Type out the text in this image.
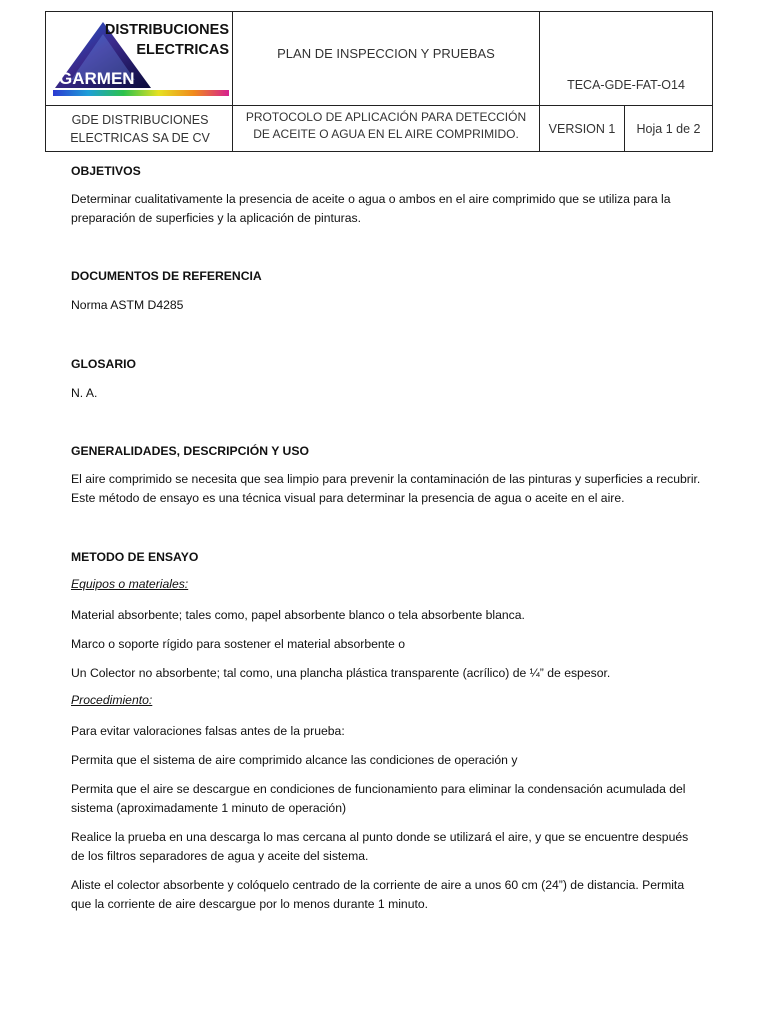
DISTRIBUCIONES
ELECTRICAS
GARMEN
PLAN DE INSPECCION Y PRUEBAS
TECA-GDE-FAT-O14
GDE DISTRIBUCIONES ELECTRICAS SA DE CV
PROTOCOLO DE APLICACIÓN PARA DETECCIÓN DE ACEITE O AGUA EN EL AIRE COMPRIMIDO.	VERSION 1	Hoja 1 de 2

OBJETIVOS

Determinar cualitativamente la presencia de aceite o agua o ambos en el aire comprimido que se utiliza para la preparación de superficies y la aplicación de pinturas.

DOCUMENTOS DE REFERENCIA

Norma ASTM D4285

GLOSARIO

N. A.

GENERALIDADES, DESCRIPCIÓN Y USO

El aire comprimido se necesita que sea limpio para prevenir la contaminación de las pinturas y superficies a recubrir. Este método de ensayo es una técnica visual para determinar la presencia de agua o aceite en el aire.

METODO DE ENSAYO

Equipos o materiales:

Material absorbente; tales como, papel absorbente blanco o tela absorbente blanca.

Marco o soporte rígido para sostener el material absorbente o

Un Colector no absorbente; tal como, una plancha plástica transparente (acrílico) de ¼” de espesor.

Procedimiento:

Para evitar valoraciones falsas antes de la prueba:

Permita que el sistema de aire comprimido alcance las condiciones de operación y

Permita que el aire se descargue en condiciones de funcionamiento para eliminar la condensación acumulada del sistema (aproximadamente 1 minuto de operación)

Realice la prueba en una descarga lo mas cercana al punto donde se utilizará el aire, y que se encuentre después de los filtros separadores de agua y aceite del sistema.

Aliste el colector absorbente y colóquelo centrado de la corriente de aire a unos 60 cm (24”) de distancia. Permita que la corriente de aire descargue por lo menos durante 1 minuto.
